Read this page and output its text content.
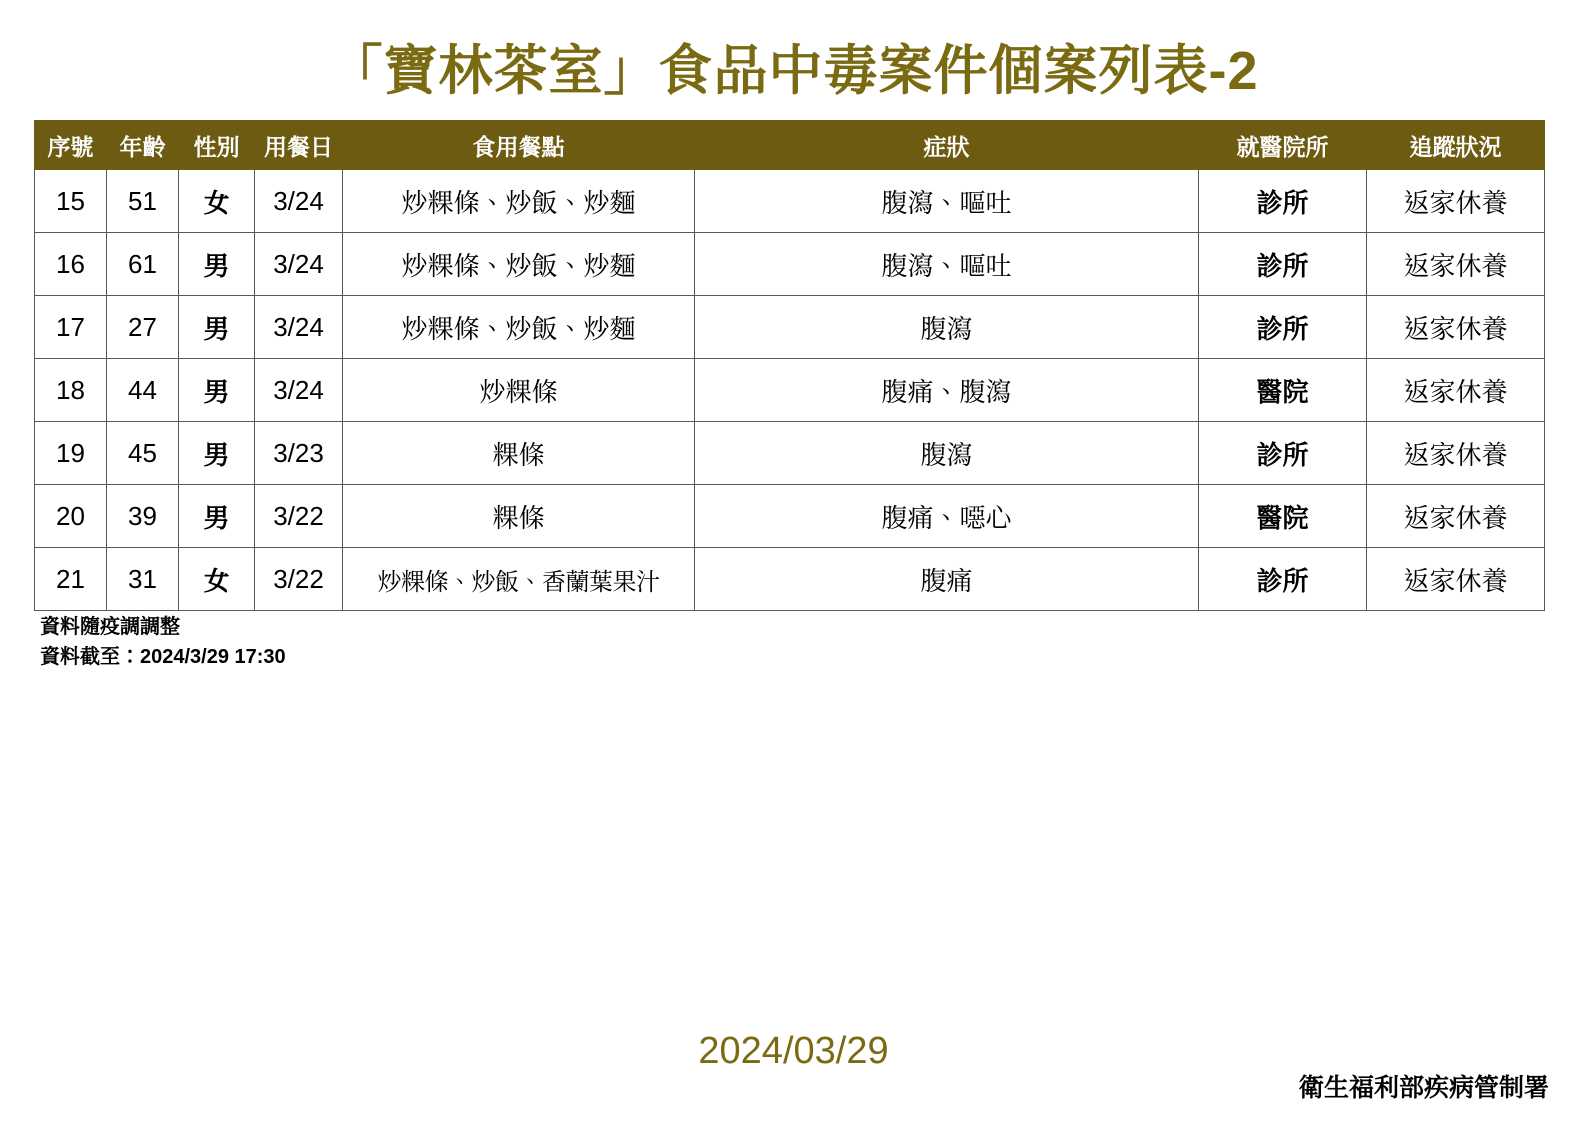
「寶林茶室」食品中毒案件個案列表-2
序號	年齡	性別	用餐日	食用餐點	症狀	就醫院所	追蹤狀況
15	51	女	3/24	炒粿條、炒飯、炒麵	腹瀉、嘔吐	診所	返家休養
16	61	男	3/24	炒粿條、炒飯、炒麵	腹瀉、嘔吐	診所	返家休養
17	27	男	3/24	炒粿條、炒飯、炒麵	腹瀉	診所	返家休養
18	44	男	3/24	炒粿條	腹痛、腹瀉	醫院	返家休養
19	45	男	3/23	粿條	腹瀉	診所	返家休養
20	39	男	3/22	粿條	腹痛、噁心	醫院	返家休養
21	31	女	3/22	炒粿條、炒飯、香蘭葉果汁	腹痛	診所	返家休養
資料隨疫調調整
資料截至：2024/3/29 17:30
2024/03/29
衛生福利部疾病管制署
